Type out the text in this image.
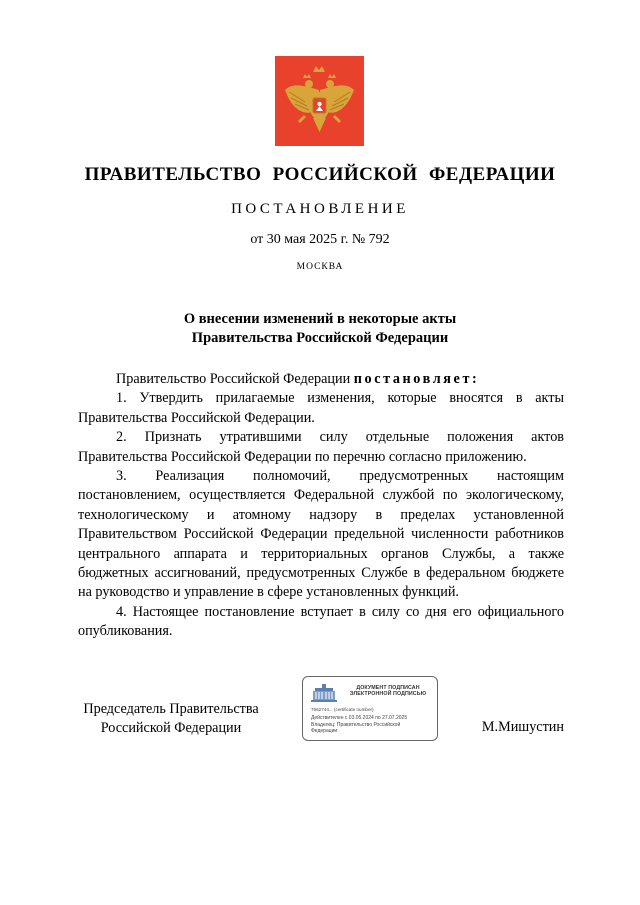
ПРАВИТЕЛЬСТВО РОССИЙСКОЙ ФЕДЕРАЦИИ
ПОСТАНОВЛЕНИЕ
от 30 мая 2025 г. № 792
МОСКВА
О внесении изменений в некоторые акты
Правительства Российской Федерации

Правительство Российской Федерации постановляет:

1. Утвердить прилагаемые изменения, которые вносятся в акты Правительства Российской Федерации.

2. Признать утратившими силу отдельные положения актов Правительства Российской Федерации по перечню согласно приложению.

3. Реализация полномочий, предусмотренных настоящим постановлением, осуществляется Федеральной службой по экологическому, технологическому и атомному надзору в пределах установленной Правительством Российской Федерации предельной численности работников центрального аппарата и территориальных органов Службы, а также бюджетных ассигнований, предусмотренных Службе в федеральном бюджете на руководство и управление в сфере установленных функций.

4. Настоящее постановление вступает в силу со дня его официального опубликования.

Председатель Правительства
Российской Федерации
ДОКУМЕНТ ПОДПИСАН
ЭЛЕКТРОННОЙ ПОДПИСЬЮ
7662744... (certificate number)
Действителен с 03.05.2024 по 27.07.2025
Владелец: Правительство Российской
Федерации	М.Мишустин
